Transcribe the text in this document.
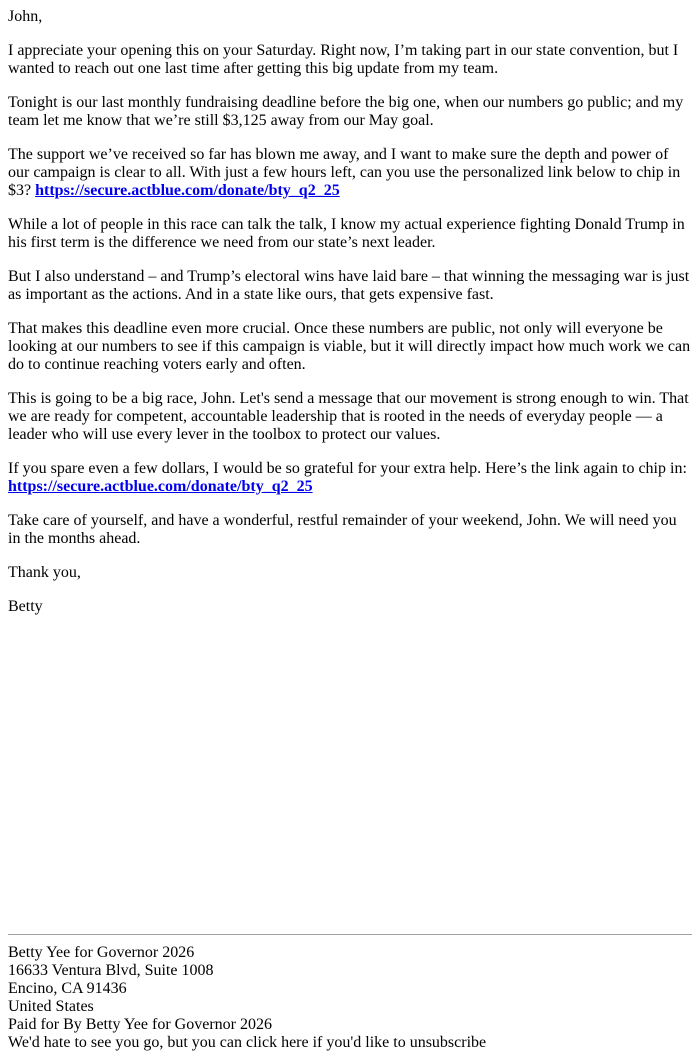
John,

I appreciate your opening this on your Saturday. Right now, I’m taking part in our state convention, but I wanted to reach out one last time after getting this big update from my team.

Tonight is our last monthly fundraising deadline before the big one, when our numbers go public; and my team let me know that we’re still $3,125 away from our May goal.

The support we’ve received so far has blown me away, and I want to make sure the depth and power of our campaign is clear to all. With just a few hours left, can you use the personalized link below to chip in $3? https://secure.actblue.com/donate/bty_q2_25

While a lot of people in this race can talk the talk, I know my actual experience fighting Donald Trump in his first term is the difference we need from our state’s next leader.

But I also understand – and Trump’s electoral wins have laid bare – that winning the messaging war is just as important as the actions. And in a state like ours, that gets expensive fast.

That makes this deadline even more crucial. Once these numbers are public, not only will everyone be looking at our numbers to see if this campaign is viable, but it will directly impact how much work we can do to continue reaching voters early and often.

This is going to be a big race, John. Let's send a message that our movement is strong enough to win. That we are ready for competent, accountable leadership that is rooted in the needs of everyday people — a leader who will use every lever in the toolbox to protect our values.

If you spare even a few dollars, I would be so grateful for your extra help. Here’s the link again to chip in: https://secure.actblue.com/donate/bty_q2_25

Take care of yourself, and have a wonderful, restful remainder of your weekend, John. We will need you in the months ahead.

Thank you,

Betty

Betty Yee for Governor 2026
16633 Ventura Blvd, Suite 1008
Encino, CA 91436
United States
Paid for By Betty Yee for Governor 2026
We'd hate to see you go, but you can click here if you'd like to unsubscribe
